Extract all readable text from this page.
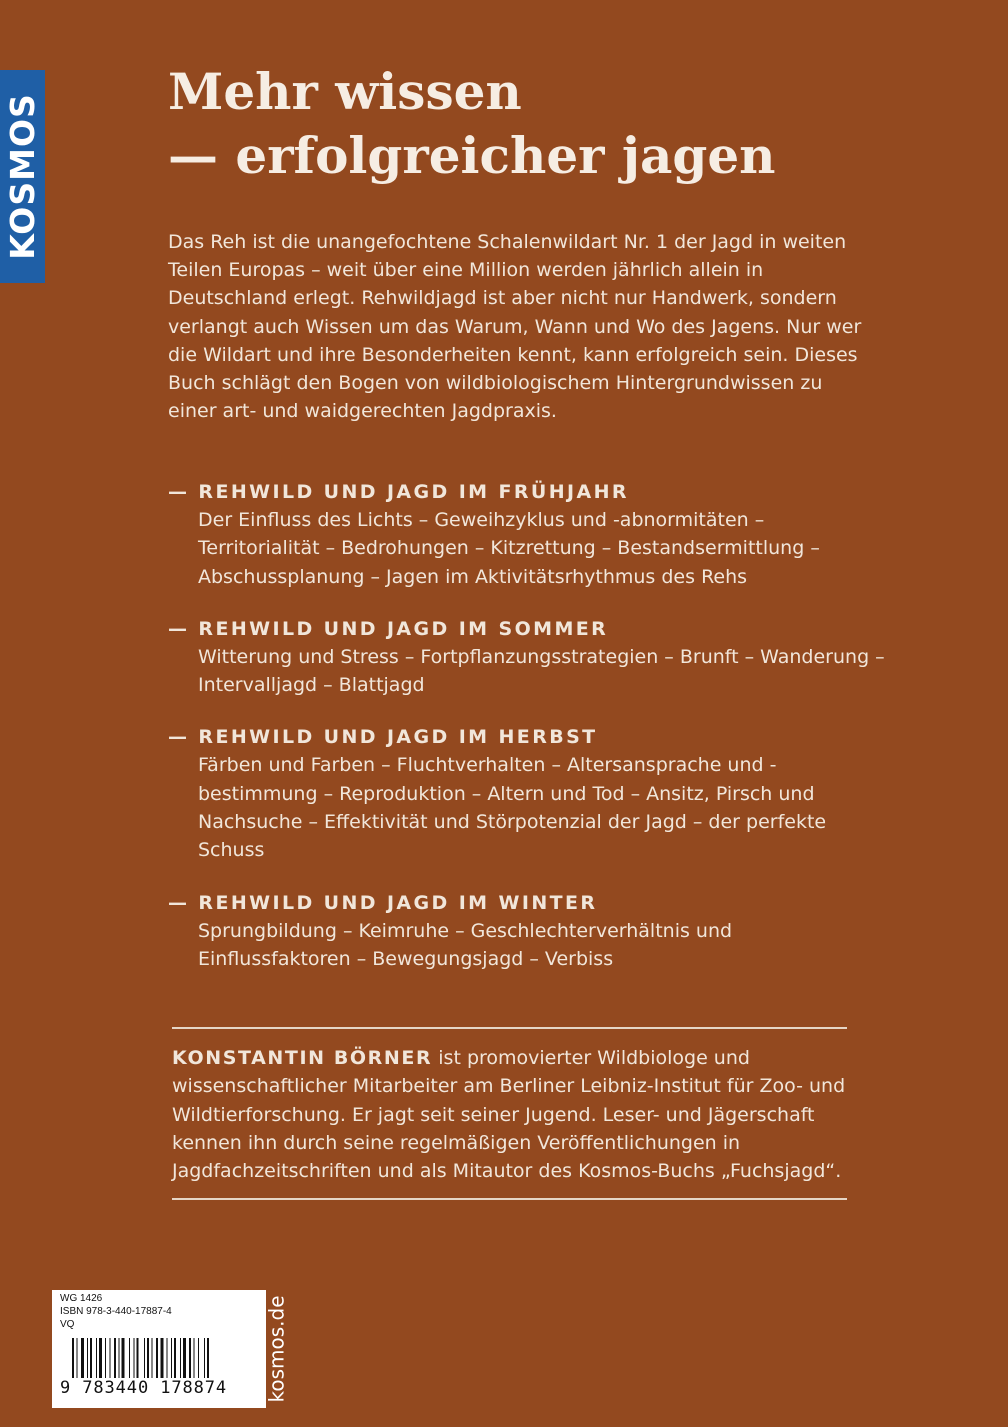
KOSMOS
Mehr wissen
— erfolgreicher jagen

Das Reh ist die unangefochtene Schalenwildart Nr. 1 der Jagd in weiten Teilen Europas – weit über eine Million werden jährlich allein in Deutschland erlegt. Rehwildjagd ist aber nicht nur Handwerk, sondern verlangt auch Wissen um das Warum, Wann und Wo des Jagens. Nur wer die Wildart und ihre Besonderheiten kennt, kann erfolgreich sein. Dieses Buch schlägt den Bogen von wildbiologischem Hintergrundwissen zu einer art- und waidgerechten Jagdpraxis.

— REHWILD UND JAGD IM FRÜHJAHR
Der Einfluss des Lichts – Geweihzyklus und -abnormitäten – Territorialität – Bedrohungen – Kitzrettung – Bestandsermittlung – Abschussplanung – Jagen im Aktivitätsrhythmus des Rehs
— REHWILD UND JAGD IM SOMMER
Witterung und Stress – Fortpflanzungsstrategien – Brunft – Wanderung – Intervalljagd – Blattjagd
— REHWILD UND JAGD IM HERBST
Färben und Farben – Fluchtverhalten – Altersansprache und -bestimmung – Reproduktion – Altern und Tod – Ansitz, Pirsch und Nachsuche – Effektivität und Störpotenzial der Jagd – der perfekte Schuss
— REHWILD UND JAGD IM WINTER
Sprungbildung – Keimruhe – Geschlechterverhältnis und Einflussfaktoren – Bewegungsjagd – Verbiss

KONSTANTIN BÖRNER ist promovierter Wildbiologe und wissenschaftlicher Mitarbeiter am Berliner Leibniz-Institut für Zoo- und Wildtierforschung. Er jagt seit seiner Jugend. Leser- und Jägerschaft kennen ihn durch seine regelmäßigen Veröffentlichungen in Jagdfachzeitschriften und als Mitautor des Kosmos-Buchs „Fuchsjagd“.

WG 1426
ISBN 978-3-440-17887-4
VQ
9 783440 178874 kosmos.de
